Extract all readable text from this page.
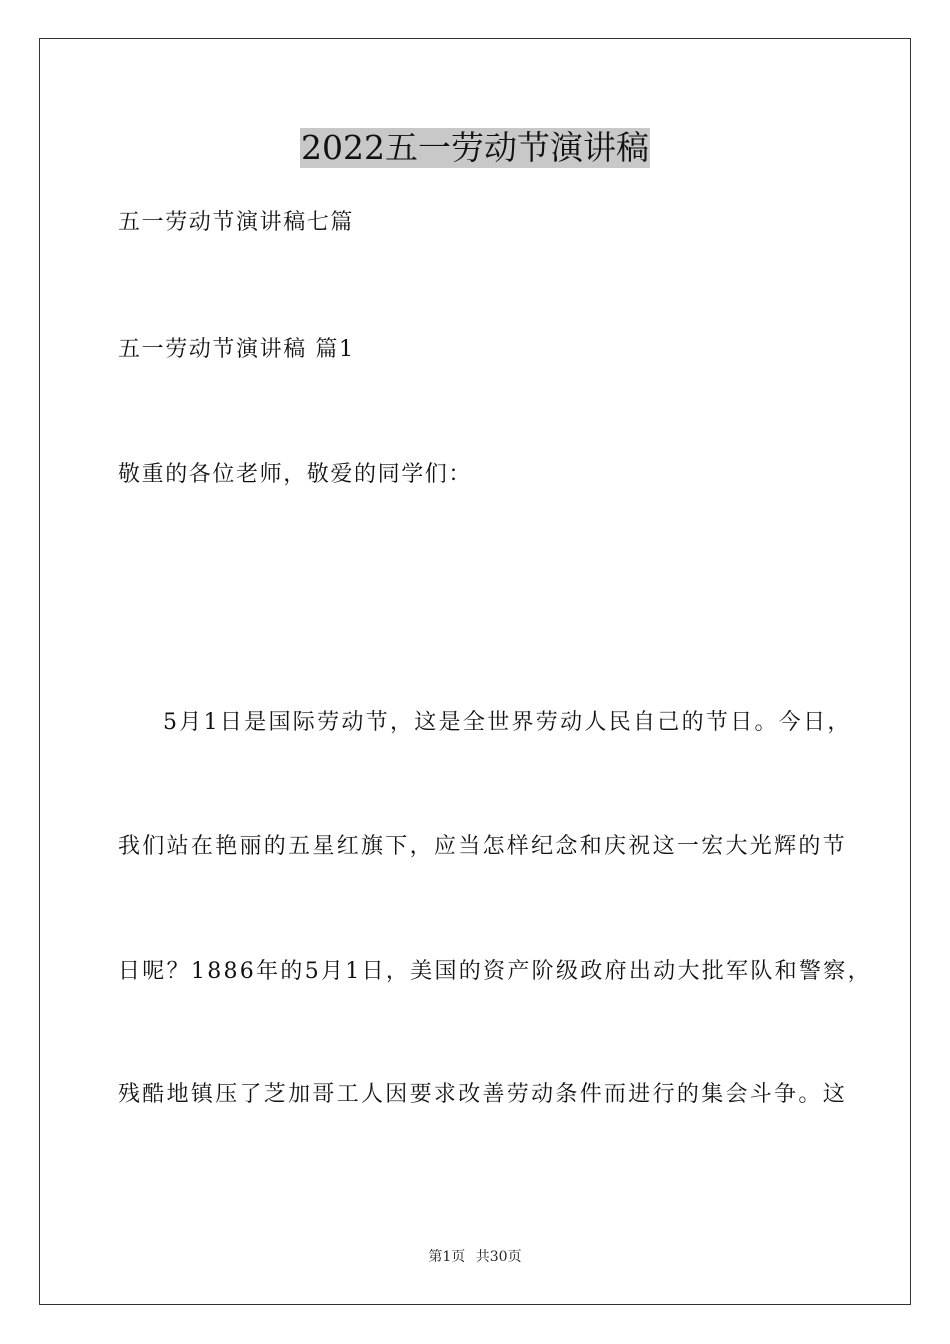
2022五一劳动节演讲稿
五一劳动节演讲稿七篇
五一劳动节演讲稿 篇1
敬重的各位老师，敬爱的同学们：
5月1日是国际劳动节，这是全世界劳动人民自己的节日。今日，
我们站在艳丽的五星红旗下，应当怎样纪念和庆祝这一宏大光辉的节
日呢？1886年的5月1日，美国的资产阶级政府出动大批军队和警察，
残酷地镇压了芝加哥工人因要求改善劳动条件而进行的集会斗争。这
第1页 共30页
